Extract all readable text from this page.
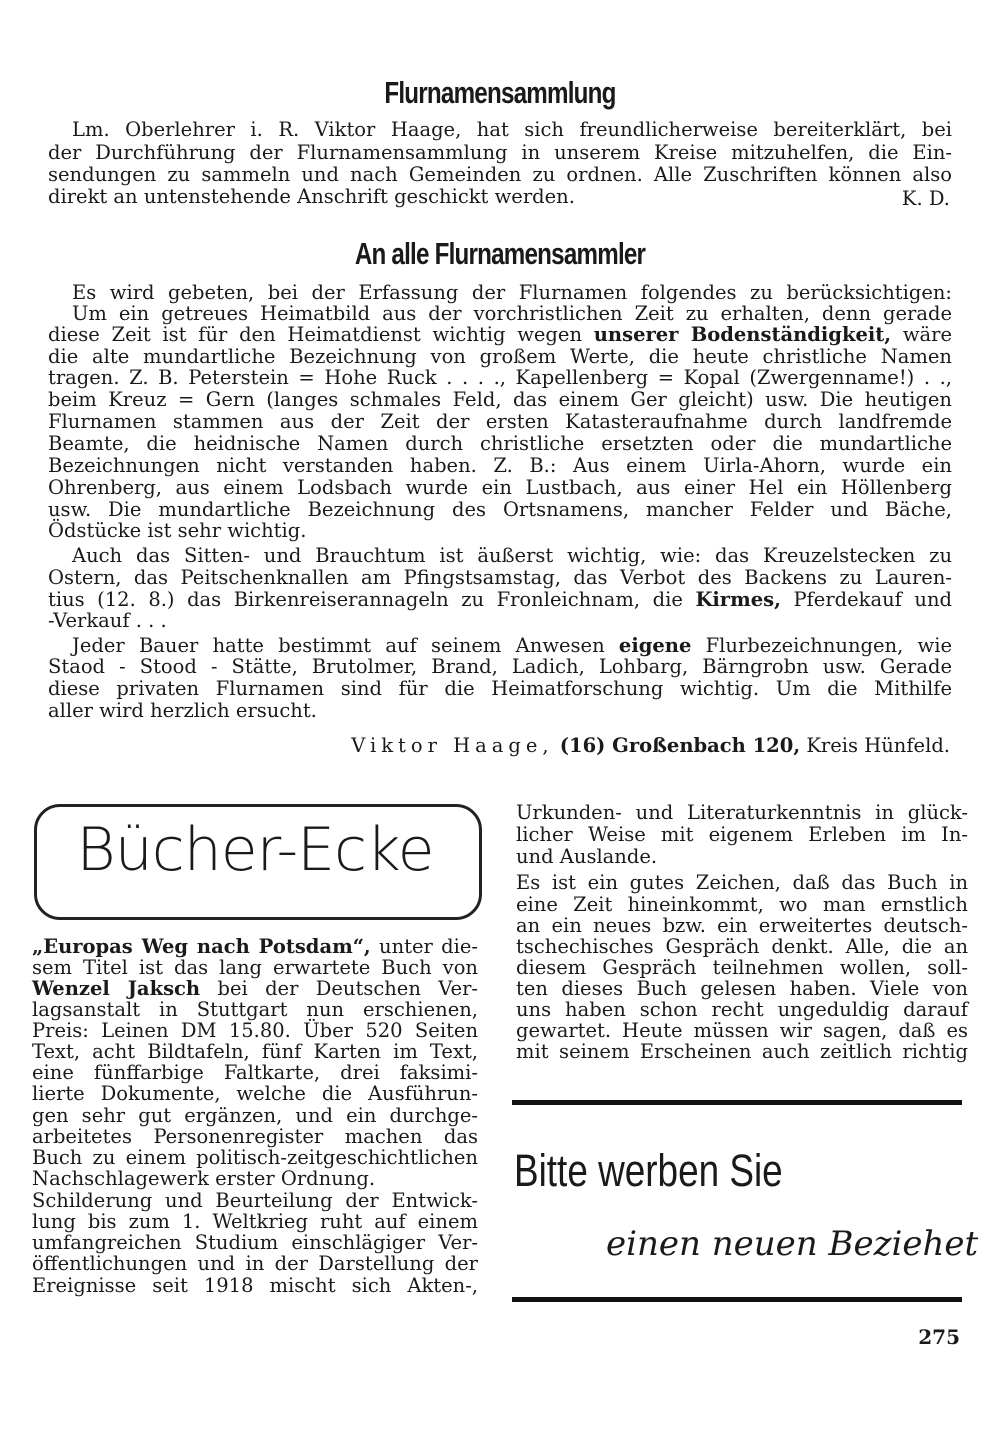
Flurnamensammlung
Lm. Oberlehrer i. R. Viktor Haage, hat sich freundlicherweise bereiterklärt, bei
der Durchführung der Flurnamensammlung in unserem Kreise mitzuhelfen, die Ein-
sendungen zu sammeln und nach Gemeinden zu ordnen. Alle Zuschriften können also
direkt an untenstehende Anschrift geschickt werden.	K. D.
An alle Flurnamensammler
Es wird gebeten, bei der Erfassung der Flurnamen folgendes zu berücksichtigen:
Um ein getreues Heimatbild aus der vorchristlichen Zeit zu erhalten, denn gerade
diese Zeit ist für den Heimatdienst wichtig wegen unserer Bodenständigkeit, wäre
die alte mundartliche Bezeichnung von großem Werte, die heute christliche Namen
tragen. Z. B. Peterstein = Hohe Ruck . . . ., Kapellenberg = Kopal (Zwergenname!) . .,
beim Kreuz = Gern (langes schmales Feld, das einem Ger gleicht) usw. Die heutigen
Flurnamen stammen aus der Zeit der ersten Katasteraufnahme durch landfremde
Beamte, die heidnische Namen durch christliche ersetzten oder die mundartliche
Bezeichnungen nicht verstanden haben. Z. B.: Aus einem Uirla-Ahorn, wurde ein
Ohrenberg, aus einem Lodsbach wurde ein Lustbach, aus einer Hel ein Höllenberg
usw. Die mundartliche Bezeichnung des Ortsnamens, mancher Felder und Bäche,
Ödstücke ist sehr wichtig.
Auch das Sitten- und Brauchtum ist äußerst wichtig, wie: das Kreuzelstecken zu
Ostern, das Peitschenknallen am Pfingstsamstag, das Verbot des Backens zu Lauren-
tius (12. 8.) das Birkenreiserannageln zu Fronleichnam, die Kirmes, Pferdekauf und
-Verkauf . . .
Jeder Bauer hatte bestimmt auf seinem Anwesen eigene Flurbezeichnungen, wie
Staod - Stood - Stätte, Brutolmer, Brand, Ladich, Lohbarg, Bärngrobn usw. Gerade
diese privaten Flurnamen sind für die Heimatforschung wichtig. Um die Mithilfe
aller wird herzlich ersucht.
Viktor Haage, (16) Großenbach 120, Kreis Hünfeld.
Bücher-Ecke
„Europas Weg nach Potsdam“, unter die-
sem Titel ist das lang erwartete Buch von
Wenzel Jaksch bei der Deutschen Ver-
lagsanstalt in Stuttgart nun erschienen,
Preis: Leinen DM 15.80. Über 520 Seiten
Text, acht Bildtafeln, fünf Karten im Text,
eine fünffarbige Faltkarte, drei faksimi-
lierte Dokumente, welche die Ausführun-
gen sehr gut ergänzen, und ein durchge-
arbeitetes Personenregister machen das
Buch zu einem politisch-zeitgeschichtlichen
Nachschlagewerk erster Ordnung.
Schilderung und Beurteilung der Entwick-
lung bis zum 1. Weltkrieg ruht auf einem
umfangreichen Studium einschlägiger Ver-
öffentlichungen und in der Darstellung der
Ereignisse seit 1918 mischt sich Akten-,
Urkunden- und Literaturkenntnis in glück-
licher Weise mit eigenem Erleben im In-
und Auslande.
Es ist ein gutes Zeichen, daß das Buch in
eine Zeit hineinkommt, wo man ernstlich
an ein neues bzw. ein erweitertes deutsch-
tschechisches Gespräch denkt. Alle, die an
diesem Gespräch teilnehmen wollen, soll-
ten dieses Buch gelesen haben. Viele von
uns haben schon recht ungeduldig darauf
gewartet. Heute müssen wir sagen, daß es
mit seinem Erscheinen auch zeitlich richtig
Bitte werben Sie
einen neuen Beziehet
275
